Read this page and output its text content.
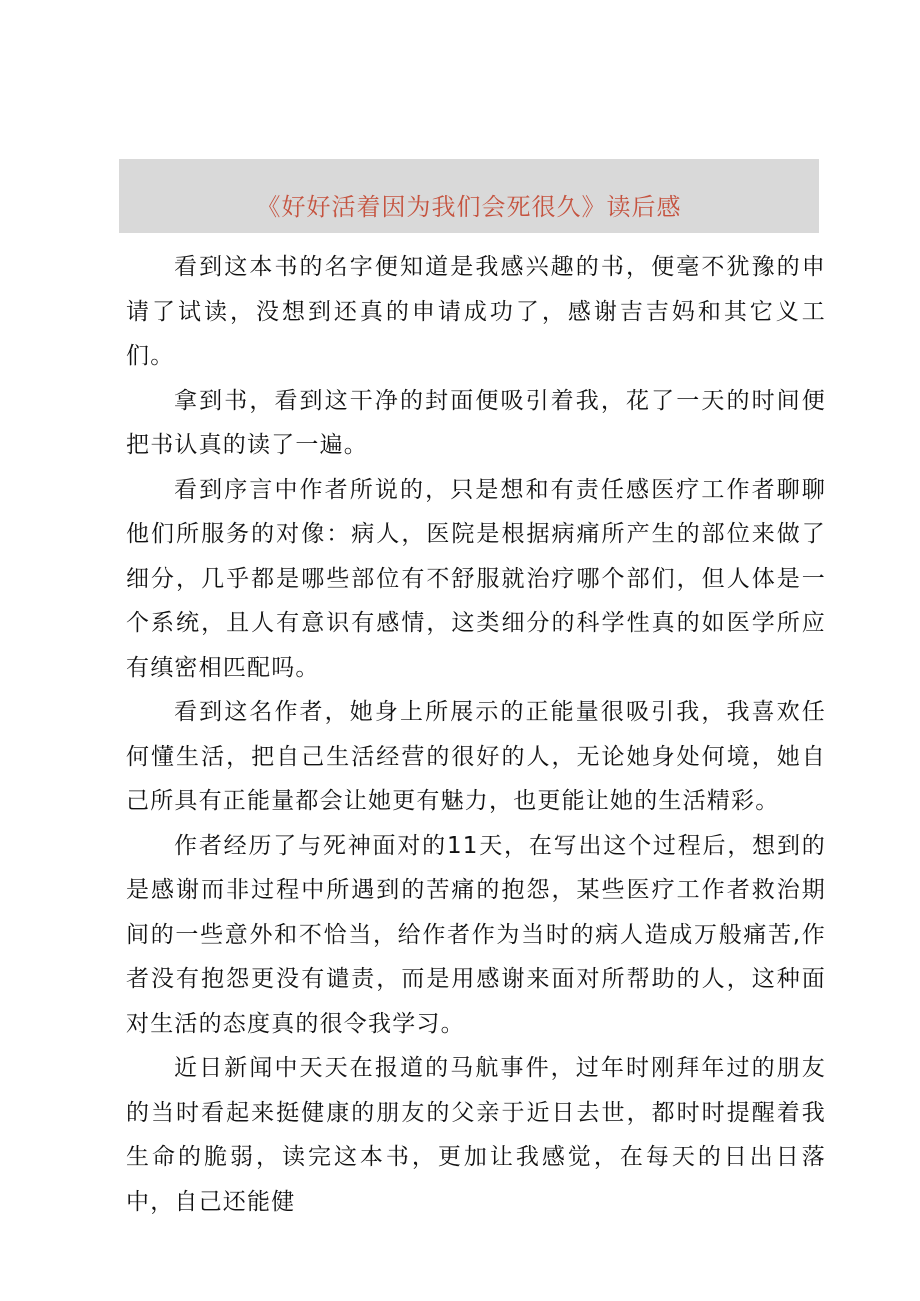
《好好活着因为我们会死很久》读后感

看到这本书的名字便知道是我感兴趣的书，便毫不犹豫的申请了试读，没想到还真的申请成功了，感谢吉吉妈和其它义工们。

拿到书，看到这干净的封面便吸引着我，花了一天的时间便把书认真的读了一遍。

看到序言中作者所说的，只是想和有责任感医疗工作者聊聊他们所服务的对像：病人，医院是根据病痛所产生的部位来做了细分，几乎都是哪些部位有不舒服就治疗哪个部们，但人体是一个系统，且人有意识有感情，这类细分的科学性真的如医学所应有缜密相匹配吗。

看到这名作者，她身上所展示的正能量很吸引我，我喜欢任何懂生活，把自己生活经营的很好的人，无论她身处何境，她自己所具有正能量都会让她更有魅力，也更能让她的生活精彩。

作者经历了与死神面对的11天，在写出这个过程后，想到的是感谢而非过程中所遇到的苦痛的抱怨，某些医疗工作者救治期间的一些意外和不恰当，给作者作为当时的病人造成万般痛苦,作者没有抱怨更没有谴责，而是用感谢来面对所帮助的人，这种面对生活的态度真的很令我学习。

近日新闻中天天在报道的马航事件，过年时刚拜年过的朋友的当时看起来挺健康的朋友的父亲于近日去世，都时时提醒着我生命的脆弱，读完这本书，更加让我感觉，在每天的日出日落中，自己还能健
